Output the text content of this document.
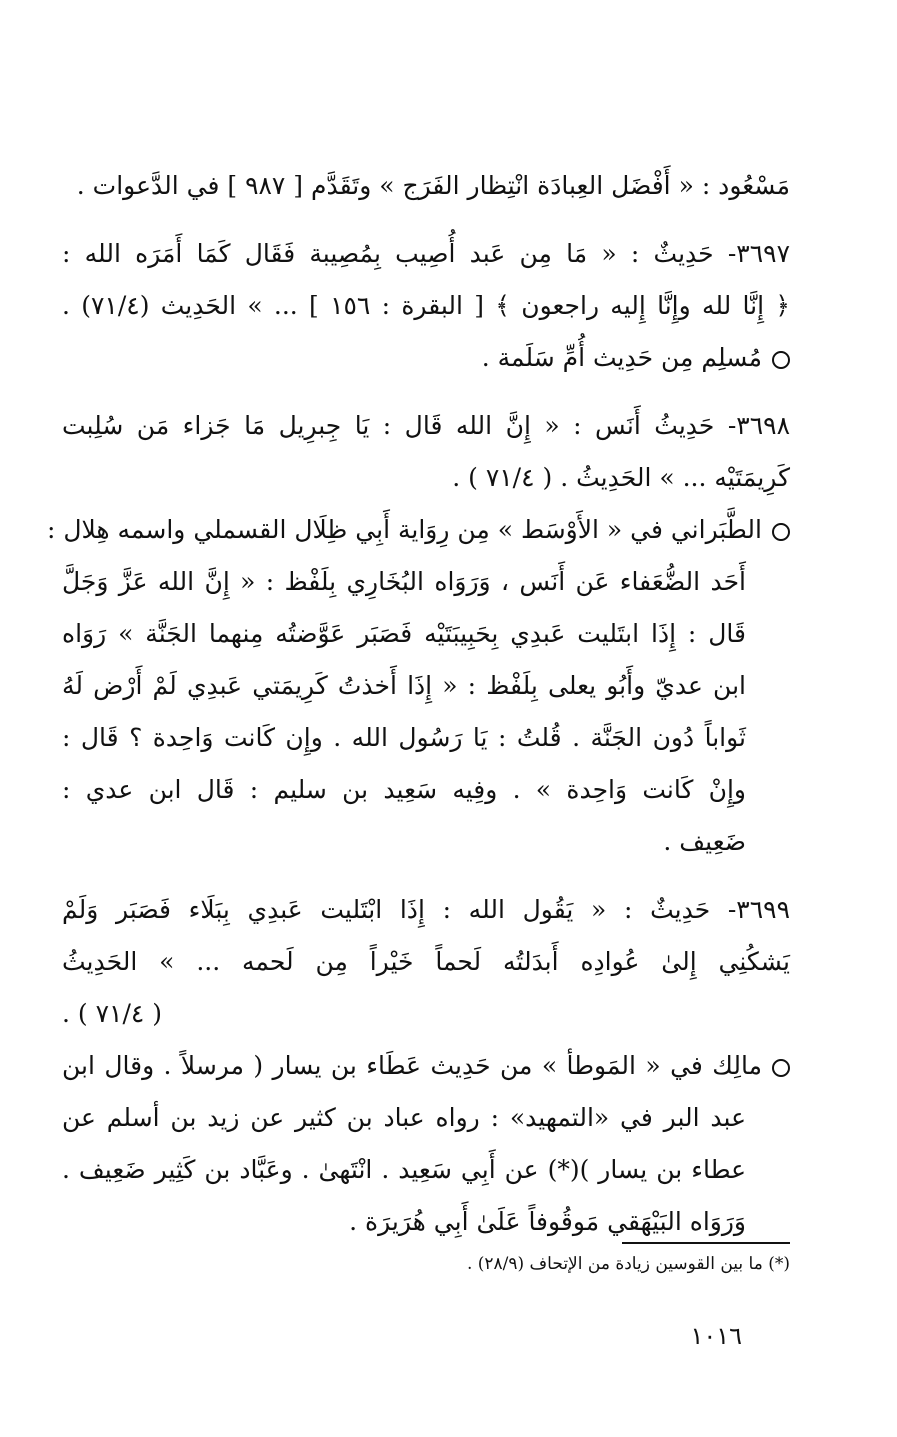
مَسْعُود : « أَفْضَل العِبادَة انْتِظار الفَرَج » وتَقَدَّم [ ٩٨٧ ] في الدَّعوات .
٣٦٩٧- حَدِيثٌ : « مَا مِن عَبد أُصِيب بِمُصِيبة فَقَال كَمَا أَمَرَه الله :
﴿ إِنَّا لله وإِنَّا إِليه راجعون ﴾ [ البقرة : ١٥٦ ] ... » الحَدِيث (٧١/٤) .
مُسلِم مِن حَدِيث أُمِّ سَلَمة .
٣٦٩٨- حَدِيثُ أَنَس : « إِنَّ الله قَال : يَا جِبرِيل مَا جَزاء مَن سُلِبت
كَرِيمَتَيْه ... » الحَدِيثُ . ( ٧١/٤ ) .
الطَّبَراني في « الأَوْسَط » مِن رِوَاية أَبِي ظِلَال القسملي واسمه هِلال :
أَحَد الضُّعَفاء عَن أَنَس ، وَرَوَاه البُخَارِي بِلَفْظ : « إِنَّ الله عَزَّ وَجَلَّ
قَال : إِذَا ابتَليت عَبدِي بِحَبِيبَتَيْه فَصَبَر عَوَّضتُه مِنهما الجَنَّة » رَوَاه
ابن عديّ وأَبُو يعلى بِلَفْظ : « إِذَا أَخذتُ كَرِيمَتي عَبدِي لَمْ أَرْض لَهُ
ثَواباً دُون الجَنَّة . قُلتُ : يَا رَسُول الله . وإِن كَانت وَاحِدة ؟ قَال :
وإِنْ كَانت وَاحِدة » . وفِيه سَعِيد بن سليم : قَال ابن عدي :
ضَعِيف .
٣٦٩٩- حَدِيثٌ : « يَقُول الله : إِذَا ابْتَليت عَبدِي بِبَلَاء فَصَبَر وَلَمْ
يَشكُنِي إِلىٰ عُوادِه أَبدَلتُه لَحماً خَيْراً مِن لَحمه ... » الحَدِيثُ
( ٧١/٤ ) .
مالِك في « المَوطأ » من حَدِيث عَطَاء بن يسار ( مرسلاً . وقال ابن
عبد البر في «التمهيد» : رواه عباد بن كثير عن زيد بن أسلم عن
عطاء بن يسار )(*) عن أَبِي سَعِيد . انْتَهىٰ . وعَبَّاد بن كَثِير ضَعِيف .
وَرَوَاه البَيْهَقي مَوقُوفاً عَلَىٰ أَبِي هُرَيرَة .
(*) ما بين القوسين زيادة من الإتحاف (٢٨/٩) .
١٠١٦
